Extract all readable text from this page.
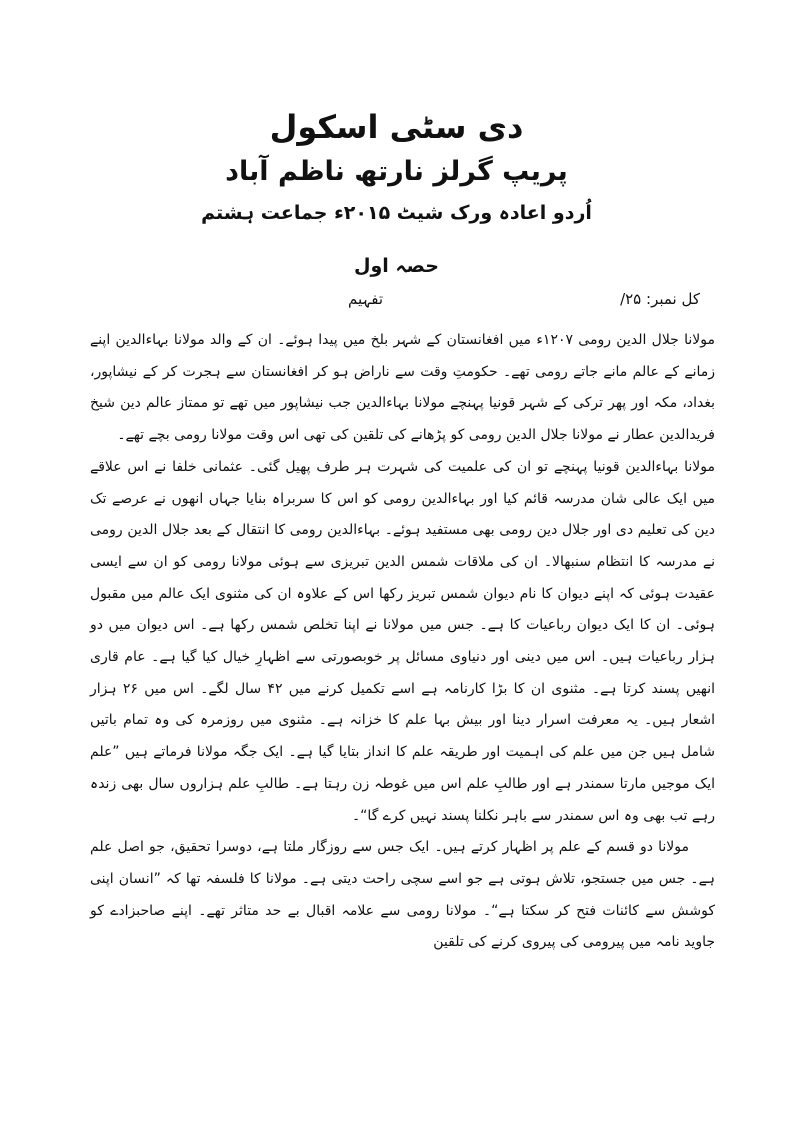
دی سٹی اسکول
پریپ گرلز نارتھ ناظم آباد
اُردو اعادہ ورک شیٹ ۲۰۱۵ء جماعت ہشتم
حصہ اول
کل نمبر: ۲۵/
تفہیم

مولانا جلال الدین رومی ۱۲۰۷ء میں افغانستان کے شہر بلخ میں پیدا ہوئے۔ ان کے والد مولانا بہاءالدین اپنے زمانے کے عالم مانے جاتے رومی تھے۔ حکومتِ وقت سے ناراض ہو کر افغانستان سے ہجرت کر کے نیشاپور، بغداد، مکہ اور پھر ترکی کے شہر قونیا پہنچے مولانا بہاءالدین جب نیشاپور میں تھے تو ممتاز عالم دین شیخ فریدالدین عطار نے مولانا جلال الدین رومی کو پڑھانے کی تلقین کی تھی اس وقت مولانا رومی بچے تھے۔

مولانا بہاءالدین قونیا پہنچے تو ان کی علمیت کی شہرت ہر طرف پھیل گئی۔ عثمانی خلفا نے اس علاقے میں ایک عالی شان مدرسہ قائم کیا اور بہاءالدین رومی کو اس کا سربراہ بنایا جہاں انھوں نے عرصے تک دین کی تعلیم دی اور جلال دین رومی بھی مستفید ہوئے۔ بہاءالدین رومی کا انتقال کے بعد جلال الدین رومی نے مدرسہ کا انتظام سنبھالا۔ ان کی ملاقات شمس الدین تبریزی سے ہوئی مولانا رومی کو ان سے ایسی عقیدت ہوئی کہ اپنے دیوان کا نام دیوان شمس تبریز رکھا اس کے علاوہ ان کی مثنوی ایک عالم میں مقبول ہوئی۔ ان کا ایک دیوان رباعیات کا ہے۔ جس میں مولانا نے اپنا تخلص شمس رکھا ہے۔ اس دیوان میں دو ہزار رباعیات ہیں۔ اس میں دینی اور دنیاوی مسائل پر خوبصورتی سے اظہارِ خیال کیا گیا ہے۔ عام قاری انھیں پسند کرتا ہے۔ مثنوی ان کا بڑا کارنامہ ہے اسے تکمیل کرنے میں ۴۲ سال لگے۔ اس میں ۲۶ ہزار اشعار ہیں۔ یہ معرفت اسرار دینا اور بیش بہا علم کا خزانہ ہے۔ مثنوی میں روزمرہ کی وہ تمام باتیں شامل ہیں جن میں علم کی اہمیت اور طریقہ علم کا انداز بتایا گیا ہے۔ ایک جگہ مولانا فرماتے ہیں ”علم ایک موجیں مارتا سمندر ہے اور طالبِ علم اس میں غوطہ زن رہتا ہے۔ طالبِ علم ہزاروں سال بھی زندہ رہے تب بھی وہ اس سمندر سے باہر نکلنا پسند نہیں کرے گا“۔

مولانا دو قسم کے علم پر اظہار کرتے ہیں۔ ایک جس سے روزگار ملتا ہے، دوسرا تحقیق، جو اصل علم ہے۔ جس میں جستجو، تلاش ہوتی ہے جو اسے سچی راحت دیتی ہے۔ مولانا کا فلسفہ تھا کہ ”انسان اپنی کوشش سے کائنات فتح کر سکتا ہے“۔ مولانا رومی سے علامہ اقبال بے حد متاثر تھے۔ اپنے صاحبزادے کو جاوید نامہ میں پیرومی کی پیروی کرنے کی تلقین
